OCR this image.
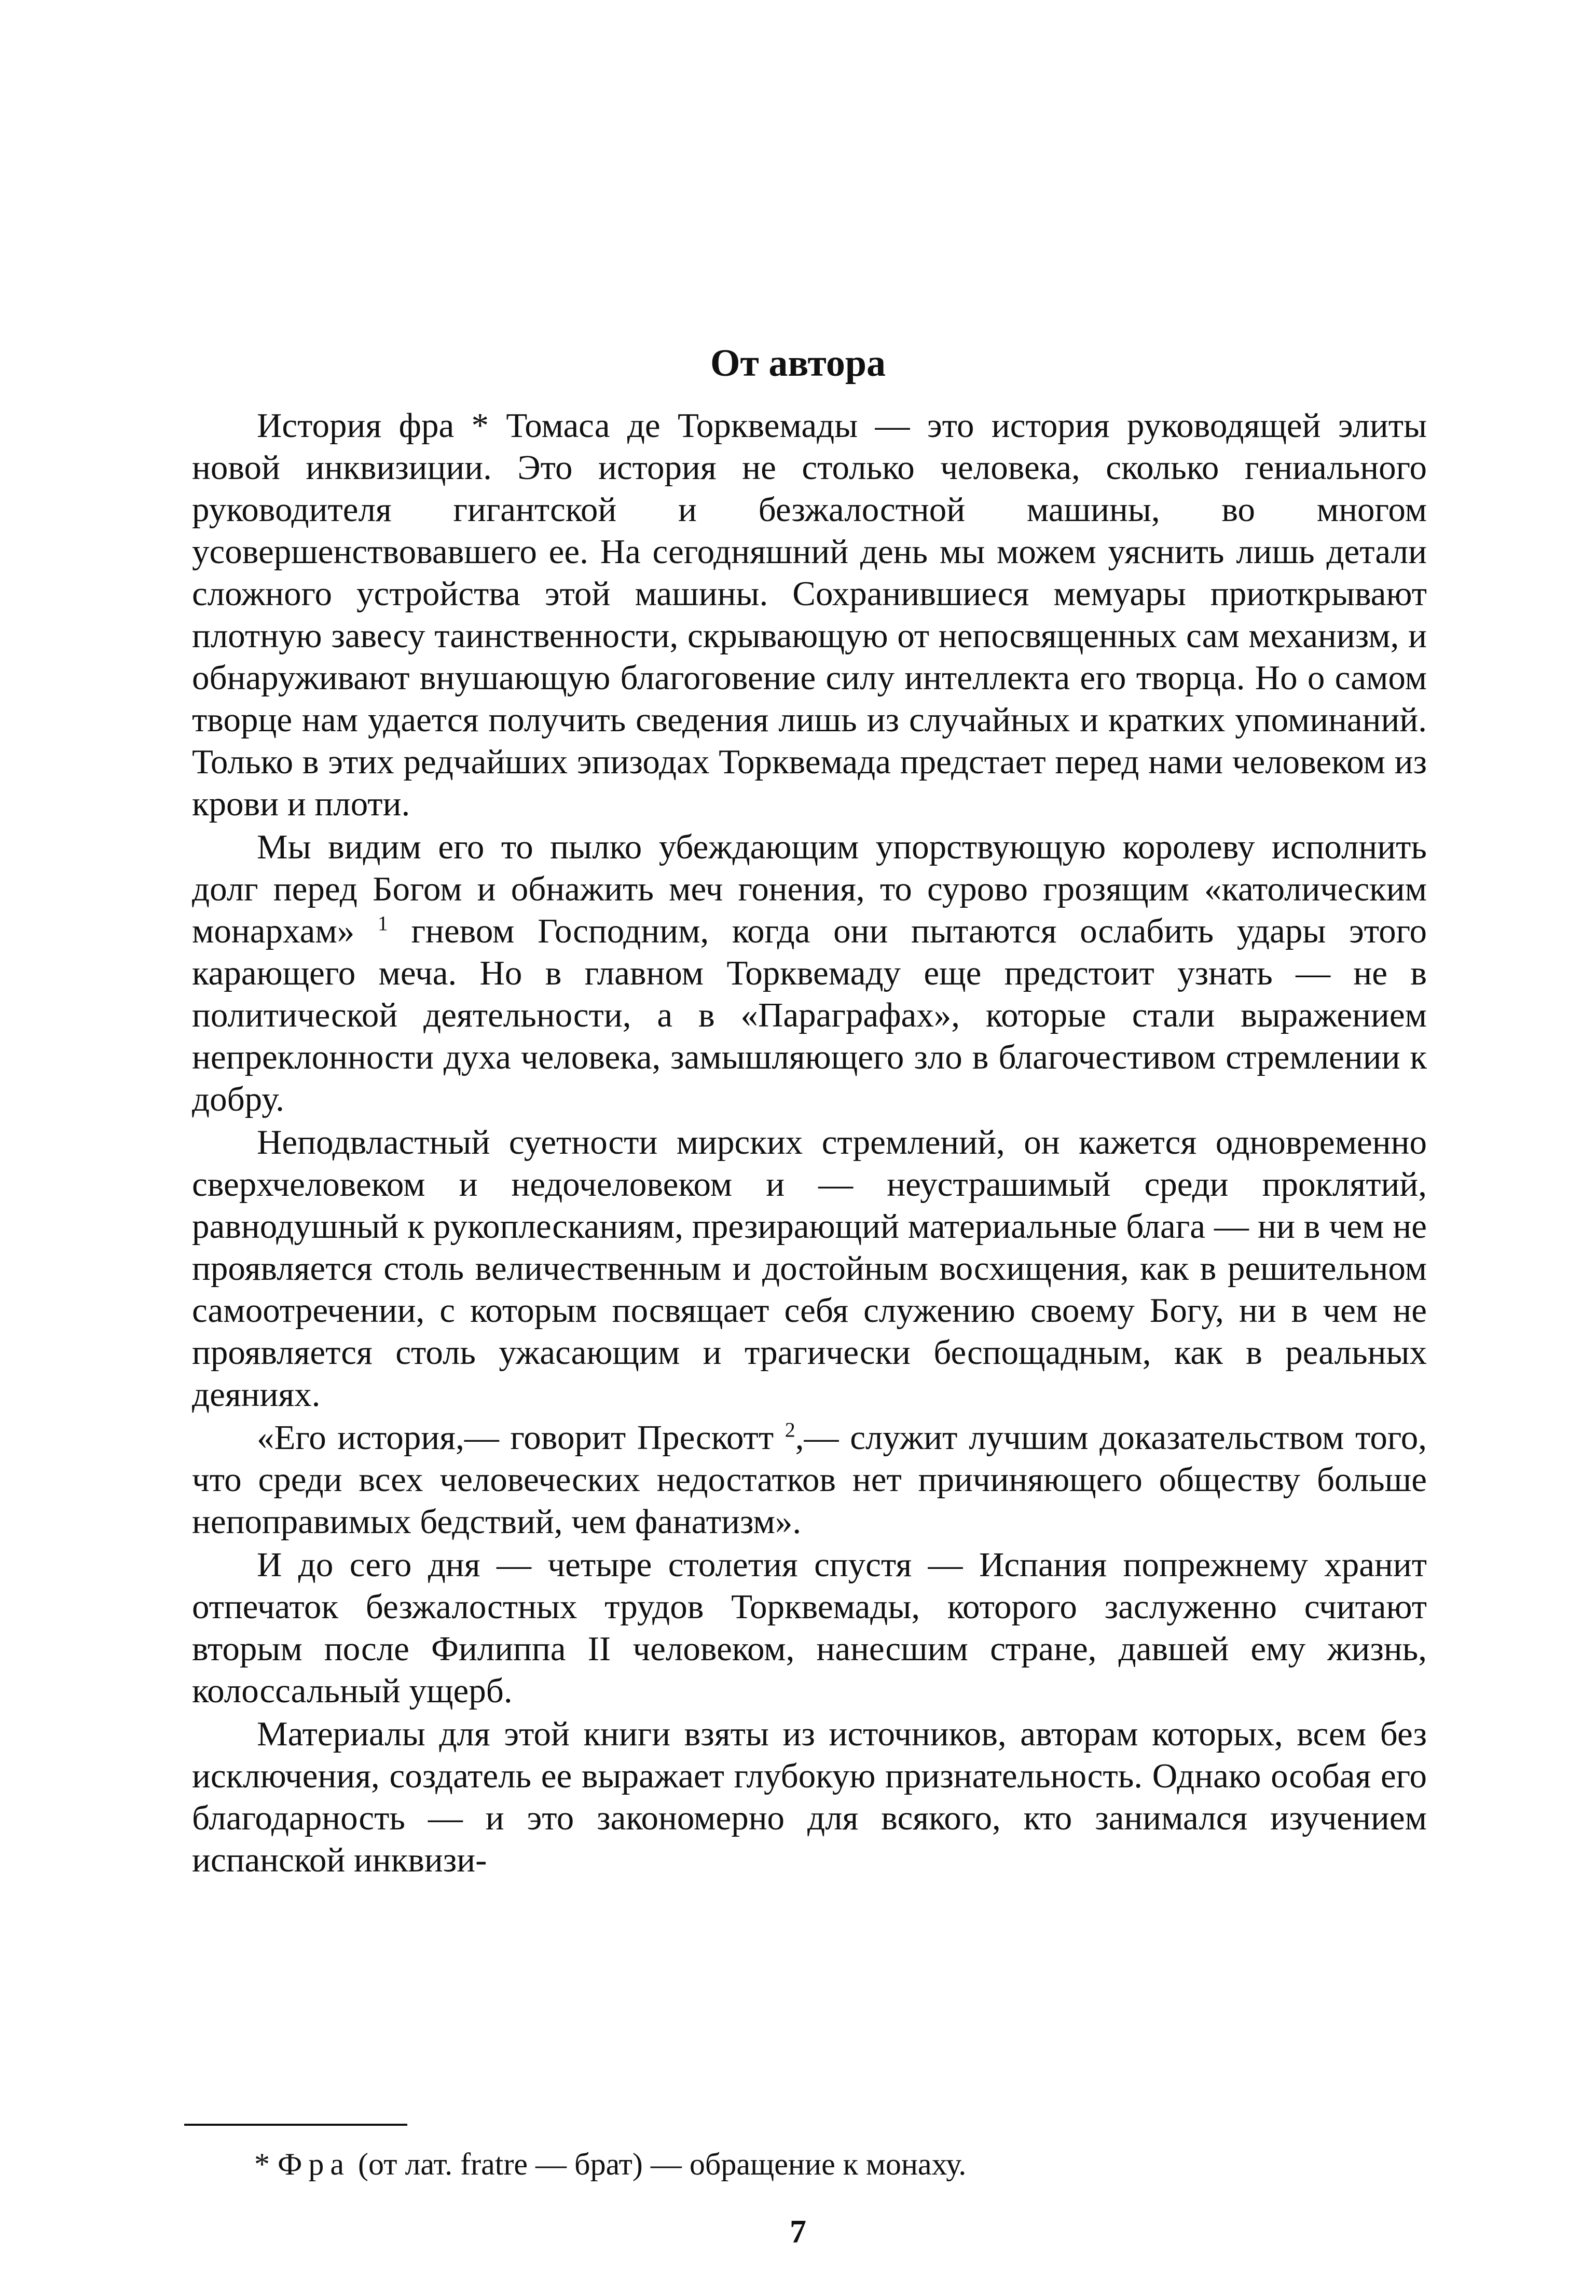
От автора

История фра * Томаса де Торквемады — это история руководящей элиты новой инквизиции. Это история не столько человека, сколько гениального руководителя гигантской и безжалостной машины, во многом усовершенствовавшего ее. На сегодняшний день мы можем уяснить лишь детали сложного устройства этой машины. Сохранившиеся мемуары приоткрывают плотную завесу таинственности, скрывающую от непосвященных сам механизм, и обнаруживают внушающую благоговение силу интеллекта его творца. Но о самом творце нам удается получить сведения лишь из случайных и кратких упоминаний. Только в этих редчайших эпизодах Торквемада предстает перед нами человеком из крови и плоти.

Мы видим его то пылко убеждающим упорствующую королеву исполнить долг перед Богом и обнажить меч гонения, то сурово грозящим «католическим монархам» $^1$ гневом Господним, когда они пытаются ослабить удары этого карающего меча. Но в главном Торквемаду еще предстоит узнать — не в политической деятельности, а в «Параграфах», которые стали выражением непреклонности духа человека, замышляющего зло в благочестивом стремлении к добру.

Неподвластный суетности мирских стремлений, он кажется одновременно сверхчеловеком и недочеловеком и — неустрашимый среди проклятий, равнодушный к рукоплесканиям, презирающий материальные блага — ни в чем не проявляется столь величественным и достойным восхищения, как в решительном самоотречении, с которым посвящает себя служению своему Богу, ни в чем не проявляется столь ужасающим и трагически беспощадным, как в реальных деяниях.

«Его история,— говорит Прескотт $^2$,— служит лучшим доказательством того, что среди всех человеческих недостатков нет причиняющего обществу больше непоправимых бедствий, чем фанатизм».

И до сего дня — четыре столетия спустя — Испания попрежнему хранит отпечаток безжалостных трудов Торквемады, которого заслуженно считают вторым после Филиппа II человеком, нанесшим стране, давшей ему жизнь, колоссальный ущерб.

Материалы для этой книги взяты из источников, авторам которых, всем без исключения, создатель ее выражает глубокую признательность. Однако особая его благодарность — и это закономерно для всякого, кто занимался изучением испанской инквизи-

* Фра (от лат. fratre — брат) — обращение к монаху.
7
